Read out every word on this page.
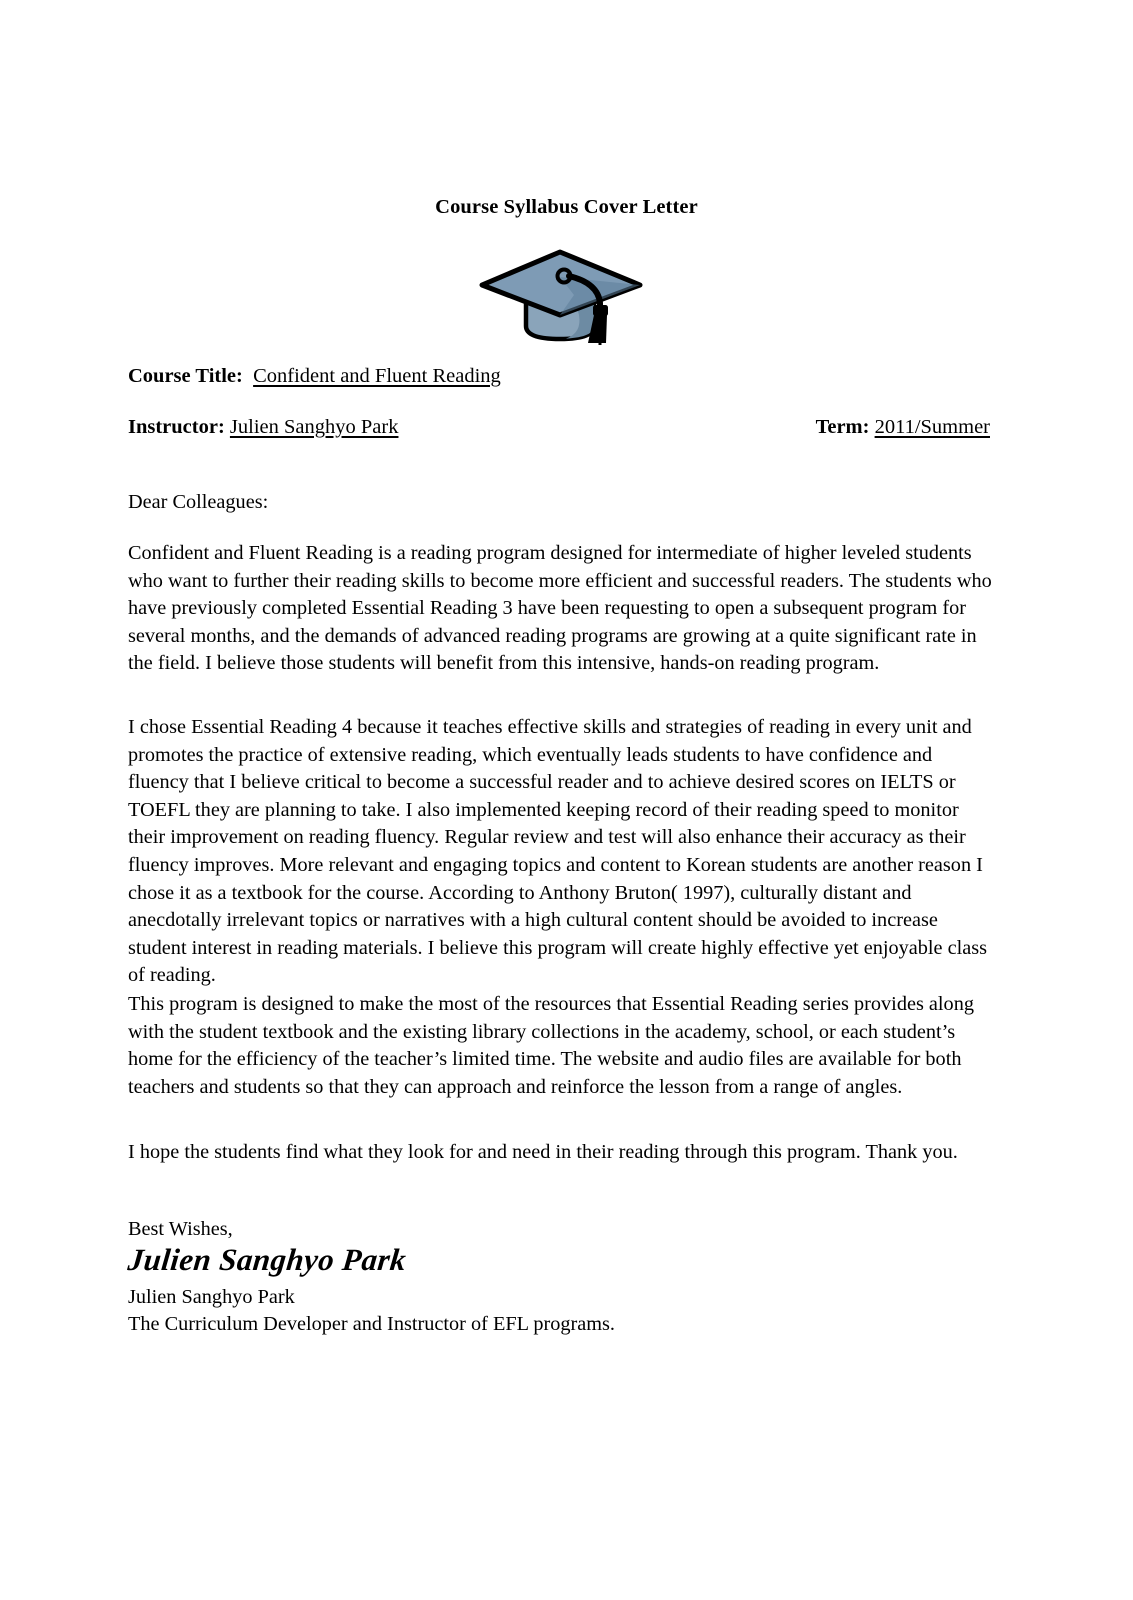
Course Syllabus Cover Letter
Course Title: Confident and Fluent Reading
Term: 2011/Summer
Instructor: Julien Sanghyo Park
Dear Colleagues:
Confident and Fluent Reading is a reading program designed for intermediate of higher leveled students who want to further their reading skills to become more efficient and successful readers. The students who have previously completed Essential Reading 3 have been requesting to open a subsequent program for several months, and the demands of advanced reading programs are growing at a quite significant rate in the field. I believe those students will benefit from this intensive, hands-on reading program.
I chose Essential Reading 4 because it teaches effective skills and strategies of reading in every unit and promotes the practice of extensive reading, which eventually leads students to have confidence and fluency that I believe critical to become a successful reader and to achieve desired scores on IELTS or TOEFL they are planning to take. I also implemented keeping record of their reading speed to monitor their improvement on reading fluency. Regular review and test will also enhance their accuracy as their fluency improves. More relevant and engaging topics and content to Korean students are another reason I chose it as a textbook for the course. According to Anthony Bruton( 1997), culturally distant and anecdotally irrelevant topics or narratives with a high cultural content should be avoided to increase student interest in reading materials. I believe this program will create highly effective yet enjoyable class of reading.
This program is designed to make the most of the resources that Essential Reading series provides along with the student textbook and the existing library collections in the academy, school, or each student’s home for the efficiency of the teacher’s limited time. The website and audio files are available for both teachers and students so that they can approach and reinforce the lesson from a range of angles.
I hope the students find what they look for and need in their reading through this program. Thank you.
Best Wishes,
Julien Sanghyo Park
Julien Sanghyo Park
The Curriculum Developer and Instructor of EFL programs.
